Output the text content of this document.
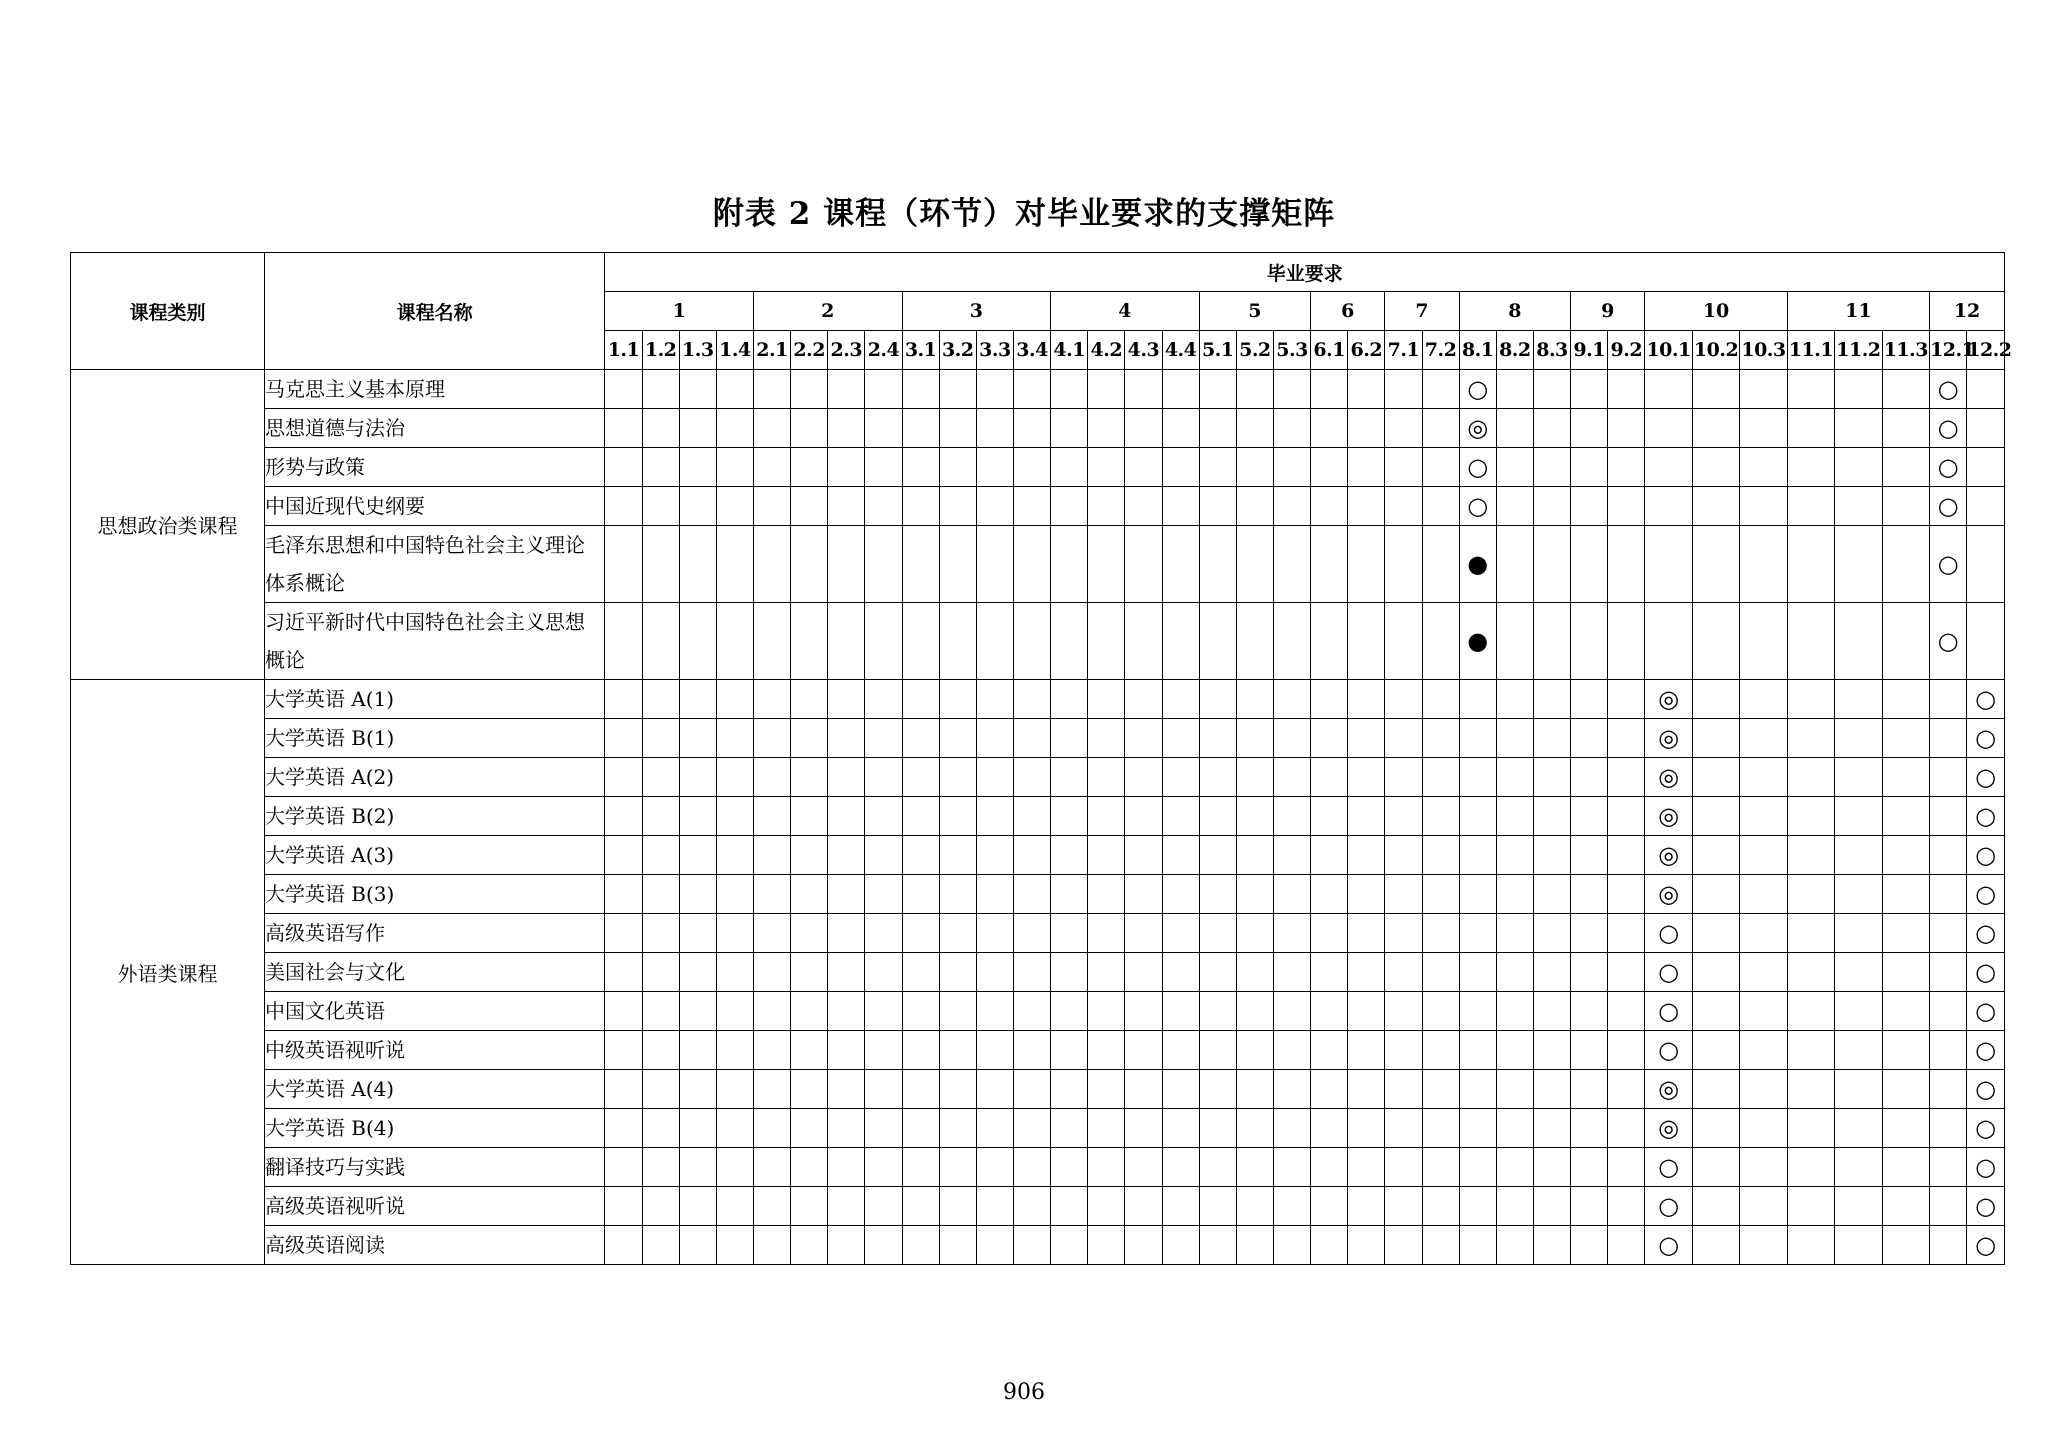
附表 2 课程（环节）对毕业要求的支撑矩阵
课程类别	课程名称	毕业要求																																			
		1				2				3				4				5			6		7		8			9		10			11			12	
		1.1	1.2	1.3	1.4	2.1	2.2	2.3	2.4	3.1	3.2	3.3	3.4	4.1	4.2	4.3	4.4	5.1	5.2	5.3	6.1	6.2	7.1	7.2	8.1	8.2	8.3	9.1	9.2	10.1	10.2	10.3	11.1	11.2	11.3	12.1	12.2
思想政治类课程	马克思主义基本原理																								○											○	
	思想道德与法治																								◎											○	
	形势与政策																								○											○	
	中国近现代史纲要																								○											○	
	毛泽东思想和中国特色社会主义理论体系概论																								●											○	
	习近平新时代中国特色社会主义思想概论																								●											○	
外语类课程	大学英语 A(1)																													◎							○
	大学英语 B(1)																													◎							○
	大学英语 A(2)																													◎							○
	大学英语 B(2)																													◎							○
	大学英语 A(3)																													◎							○
	大学英语 B(3)																													◎							○
	高级英语写作																													○							○
	美国社会与文化																													○							○
	中国文化英语																													○							○
	中级英语视听说																													○							○
	大学英语 A(4)																													◎							○
	大学英语 B(4)																													◎							○
	翻译技巧与实践																													○							○
	高级英语视听说																													○							○
	高级英语阅读																													○							○
906
